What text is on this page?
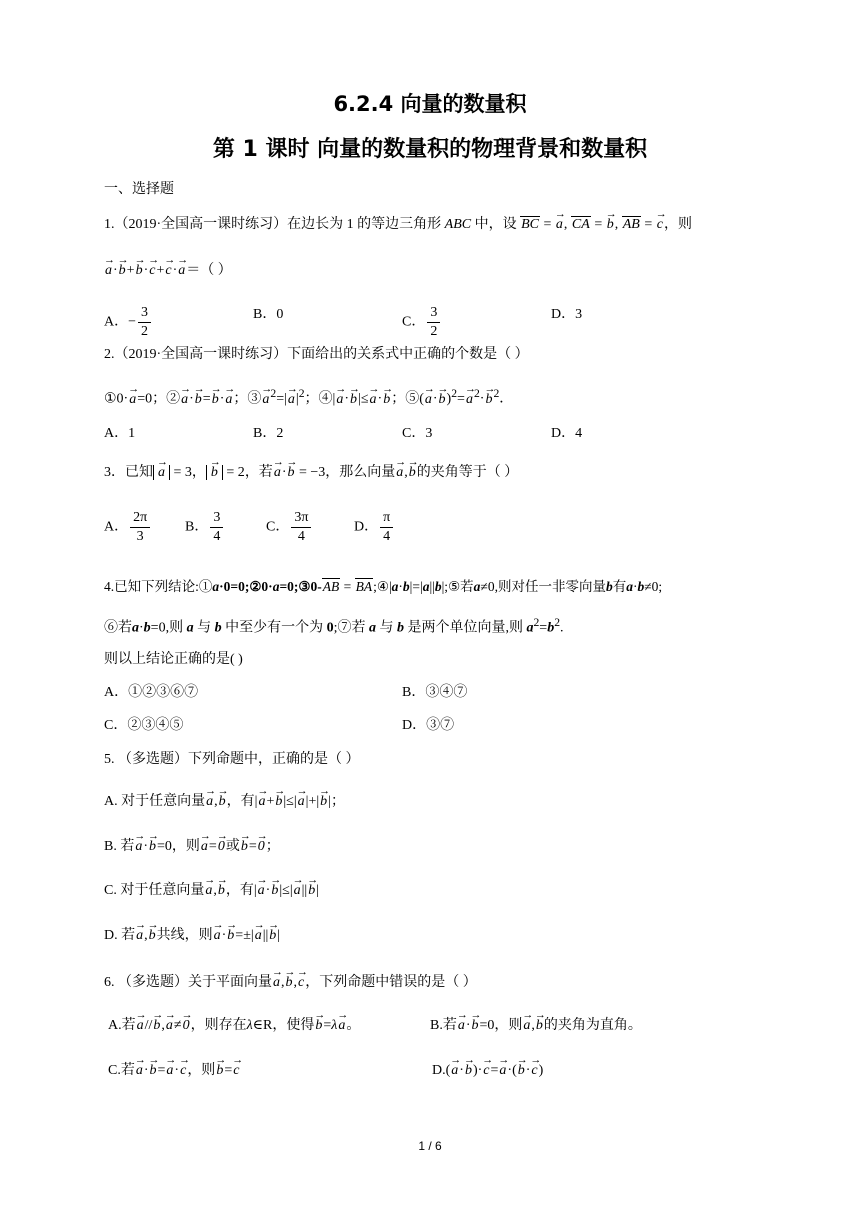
6.2.4 向量的数量积
第 1 课时 向量的数量积的物理背景和数量积
一、选择题
1.（2019·全国高一课时练习）在边长为 1 的等边三角形 ABC 中，设 BC = → a, CA = → b, AB = → c，则
→ a·→ b+→ b·→ c+→ c·→ a＝（ ）
A．− $\frac{3}{2}$	B．0
C． $\frac{3}{2}$	D．3
2.（2019·全国高一课时练习）下面给出的关系式中正确的个数是（ ）
①0·→ a=0；②→ a·→ b=→ b·→ a；③→ $a^2=|\to a|^2$；④|→ a·→ b|≤→ a·→ b；⑤(→ $a\cdot\to b)^2=\to a^2\cdot\to b^2$．
A．1	B．2	C．3	D．4
3．已知 → a = 3， → b = 2，若→ a·→ b = −3，那么向量→ a,→ b的夹角等于（ ）
A． $\frac{2\pi}{3}$ B． $\frac{3}{4}$	C． $\frac{3\pi}{4}$	D． $\frac{\pi}{4}$
4.已知下列结论:①a·0=0;②0·a=0;③0-AB = BA;④|a·b|=|a||b|;⑤若a≠0,则对任一非零向量b有a·b≠0;
⑥若a·b=0,则 a 与 b 中至少有一个为 0;⑦若 a 与 b 是两个单位向量,则 $a^2=b^2$.
则以上结论正确的是( )
A．①②③⑥⑦	B．③④⑦
C．②③④⑤	D．③⑦
5. （多选题）下列命题中，正确的是（ ）
A. 对于任意向量→ a,→ b，有|→ a+→ b|≤|→ a|+|→ b|；
B. 若→ a·→ b=0，则→ a=→ 0或→ b=→ 0；
C. 对于任意向量→ a,→ b，有|→ a·→ b|≤|→ a||→ b|
D. 若→ a,→ b共线，则→ a·→ b=±|→ a||→ b|
6. （多选题）关于平面向量→ a,→ b,→ c，下列命题中错误的是（ ）
A.若→ a//→ b,→ a≠→ 0，则存在λ∈R，使得→ b=λ→ a。	B.若→ a·→ b=0，则→ a,→ b的夹角为直角。
C.若→ a·→ b=→ a·→ c，则→ b=→ c	D.(→ a·→ b)·→ c=→ a·(→ b·→ c)
1 / 6
